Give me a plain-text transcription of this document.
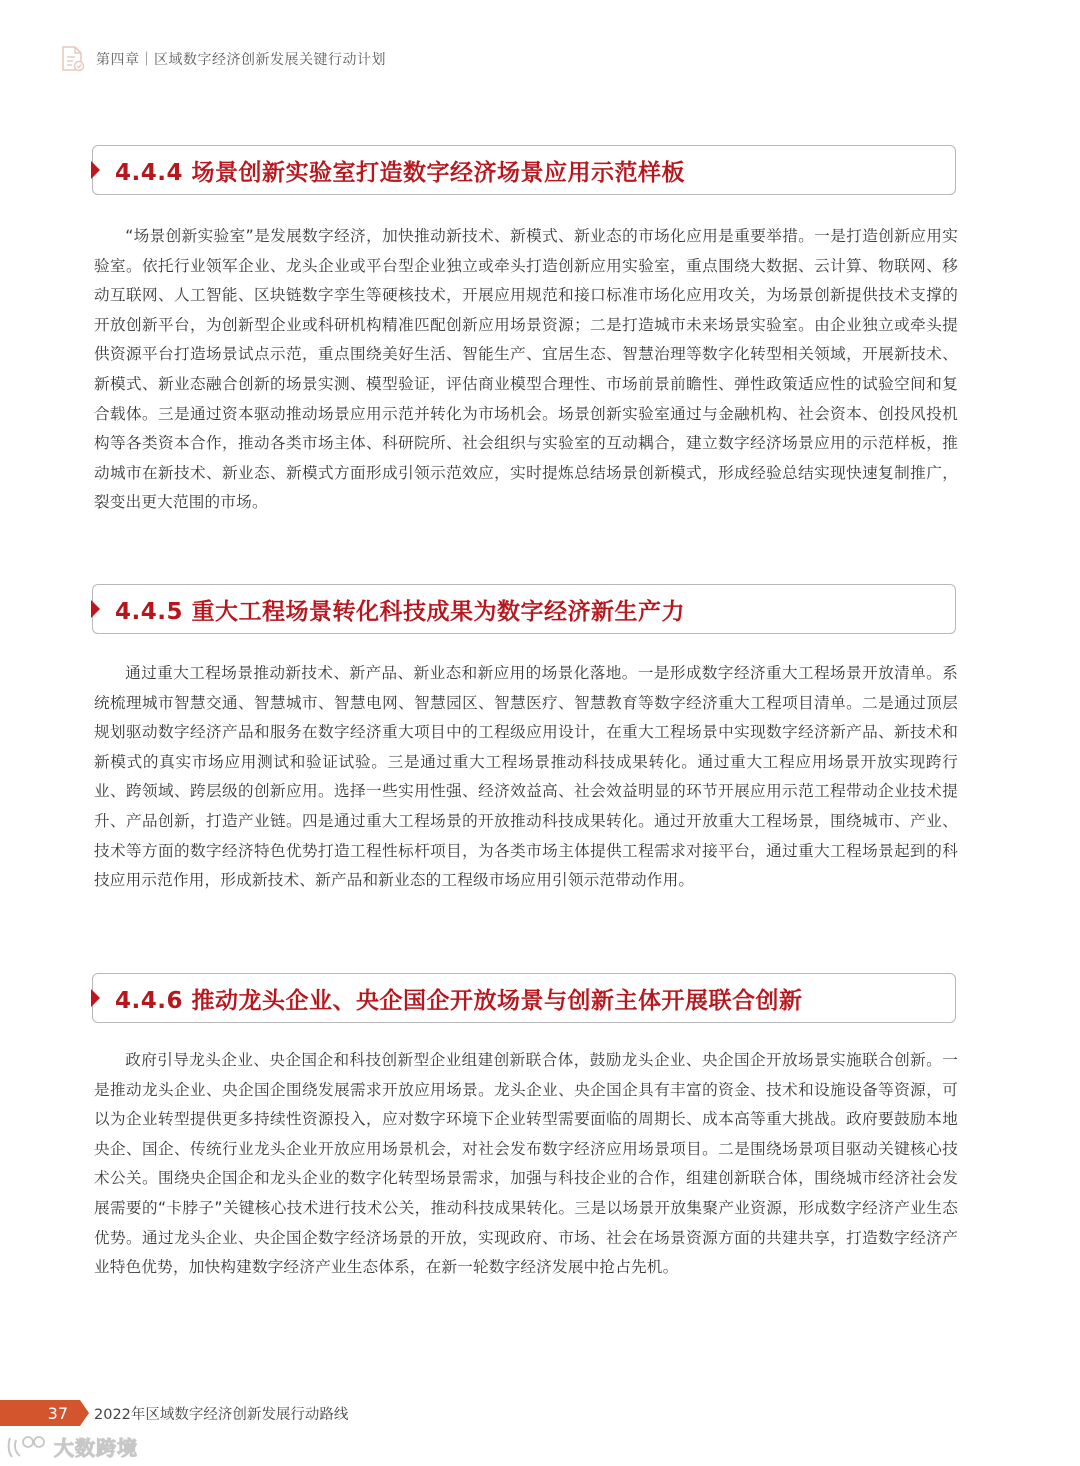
第四章｜区域数字经济创新发展关键行动计划
4.4.4 场景创新实验室打造数字经济场景应用示范样板

“场景创新实验室”是发展数字经济，加快推动新技术、新模式、新业态的市场化应用是重要举措。一是打造创新应用实验室。依托行业领军企业、龙头企业或平台型企业独立或牵头打造创新应用实验室，重点围绕大数据、云计算、物联网、移动互联网、人工智能、区块链数字孪生等硬核技术，开展应用规范和接口标准市场化应用攻关，为场景创新提供技术支撑的开放创新平台，为创新型企业或科研机构精准匹配创新应用场景资源；二是打造城市未来场景实验室。由企业独立或牵头提供资源平台打造场景试点示范，重点围绕美好生活、智能生产、宜居生态、智慧治理等数字化转型相关领域，开展新技术、新模式、新业态融合创新的场景实测、模型验证，评估商业模型合理性、市场前景前瞻性、弹性政策适应性的试验空间和复合载体。三是通过资本驱动推动场景应用示范并转化为市场机会。场景创新实验室通过与金融机构、社会资本、创投风投机构等各类资本合作，推动各类市场主体、科研院所、社会组织与实验室的互动耦合，建立数字经济场景应用的示范样板，推动城市在新技术、新业态、新模式方面形成引领示范效应，实时提炼总结场景创新模式，形成经验总结实现快速复制推广，裂变出更大范围的市场。

4.4.5 重大工程场景转化科技成果为数字经济新生产力

通过重大工程场景推动新技术、新产品、新业态和新应用的场景化落地。一是形成数字经济重大工程场景开放清单。系统梳理城市智慧交通、智慧城市、智慧电网、智慧园区、智慧医疗、智慧教育等数字经济重大工程项目清单。二是通过顶层规划驱动数字经济产品和服务在数字经济重大项目中的工程级应用设计，在重大工程场景中实现数字经济新产品、新技术和新模式的真实市场应用测试和验证试验。三是通过重大工程场景推动科技成果转化。通过重大工程应用场景开放实现跨行业、跨领域、跨层级的创新应用。选择一些实用性强、经济效益高、社会效益明显的环节开展应用示范工程带动企业技术提升、产品创新，打造产业链。四是通过重大工程场景的开放推动科技成果转化。通过开放重大工程场景，围绕城市、产业、技术等方面的数字经济特色优势打造工程性标杆项目，为各类市场主体提供工程需求对接平台，通过重大工程场景起到的科技应用示范作用，形成新技术、新产品和新业态的工程级市场应用引领示范带动作用。

4.4.6 推动龙头企业、央企国企开放场景与创新主体开展联合创新

政府引导龙头企业、央企国企和科技创新型企业组建创新联合体，鼓励龙头企业、央企国企开放场景实施联合创新。一是推动龙头企业、央企国企围绕发展需求开放应用场景。龙头企业、央企国企具有丰富的资金、技术和设施设备等资源，可以为企业转型提供更多持续性资源投入，应对数字环境下企业转型需要面临的周期长、成本高等重大挑战。政府要鼓励本地央企、国企、传统行业龙头企业开放应用场景机会，对社会发布数字经济应用场景项目。二是围绕场景项目驱动关键核心技术公关。围绕央企国企和龙头企业的数字化转型场景需求，加强与科技企业的合作，组建创新联合体，围绕城市经济社会发展需要的“卡脖子”关键核心技术进行技术公关，推动科技成果转化。三是以场景开放集聚产业资源，形成数字经济产业生态优势。通过龙头企业、央企国企数字经济场景的开放，实现政府、市场、社会在场景资源方面的共建共享，打造数字经济产业特色优势，加快构建数字经济产业生态体系，在新一轮数字经济发展中抢占先机。

37 2022年区域数字经济创新发展行动路线
大数跨境
